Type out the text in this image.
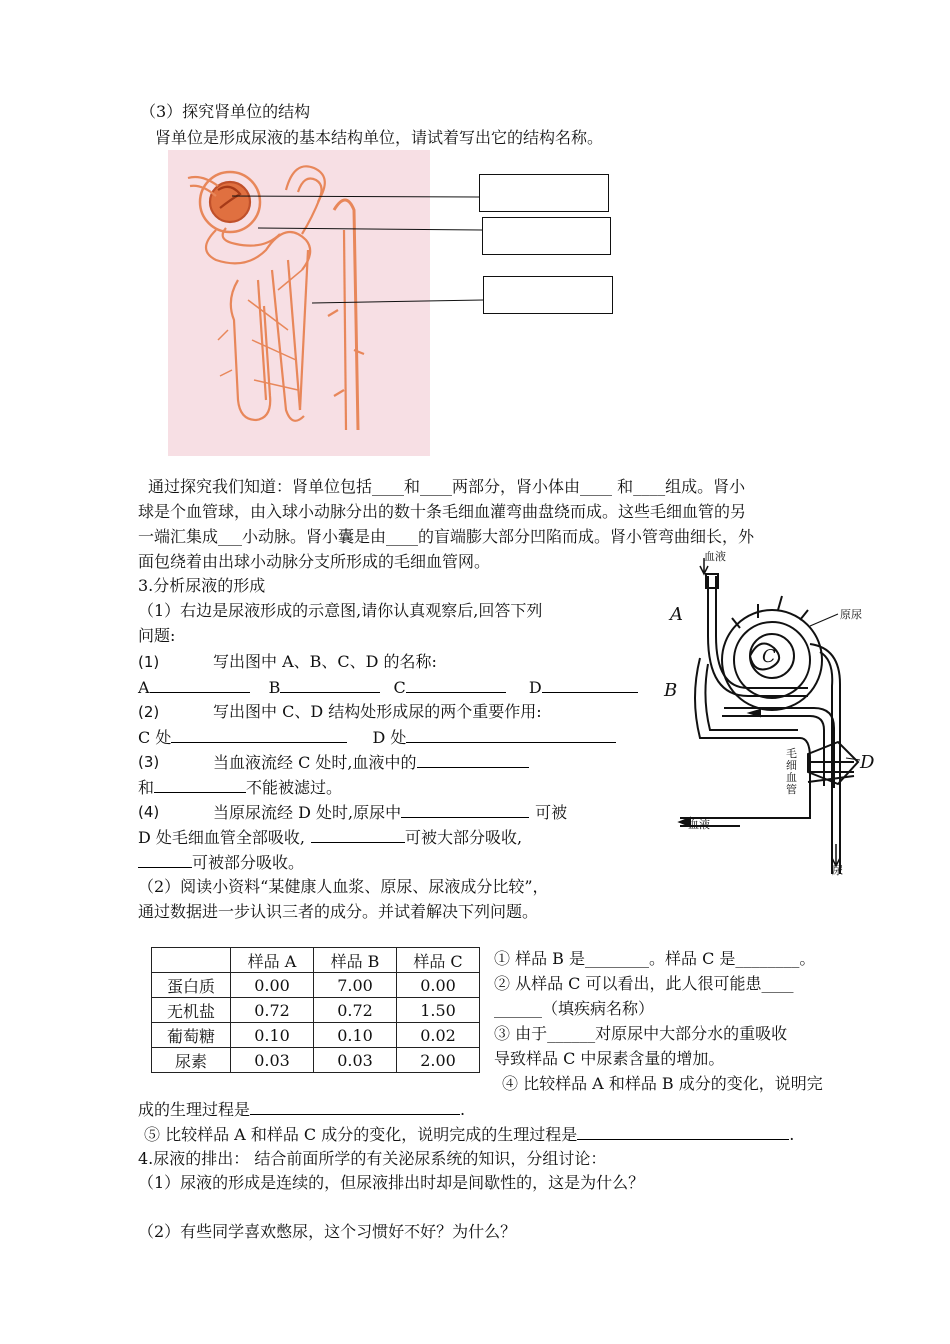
（3）探究肾单位的结构
肾单位是形成尿液的基本结构单位，请试着写出它的结构名称。
通过探究我们知道：肾单位包括____和____两部分，肾小体由____ 和____组成。肾小
球是个血管球，由入球小动脉分出的数十条毛细血灌弯曲盘绕而成。这些毛细血管的另
一端汇集成___小动脉。肾小囊是由____的盲端膨大部分凹陷而成。肾小管弯曲细长，外
面包绕着由出球小动脉分支所形成的毛细血管网。
3.分析尿液的形成
（1）右边是尿液形成的示意图,请你认真观察后,回答下列
问题:
(1)	写出图中 A、B、C、D 的名称:
A	B	C	D
(2)	写出图中 C、D 结构处形成尿的两个重要作用:
C 处	D 处
(3)	当血液流经 C 处时,血液中的
和	不能被滤过。
(4)	当原尿流经 D 处时,原尿中	可被
D 处毛细血管全部吸收,	可被大部分吸收,
可被部分吸收。
（2）阅读小资料“某健康人血浆、原尿、尿液成分比较”，
通过数据进一步认识三者的成分。并试着解决下列问题。
血液
原尿
A
B
C
D
毛细血管
血液
尿
	样品 A	样品 B	样品 C
蛋白质	0.00	7.00	0.00
无机盐	0.72	0.72	1.50
葡萄糖	0.10	0.10	0.02
尿素	0.03	0.03	2.00
① 样品 B 是________。样品 C 是________。
② 从样品 C 可以看出，此人很可能患____
______（填疾病名称）
③ 由于______对原尿中大部分水的重吸收
导致样品 C 中尿素含量的增加。
④ 比较样品 A 和样品 B 成分的变化，说明完
成的生理过程是	.
⑤ 比较样品 A 和样品 C 成分的变化，说明完成的生理过程是	.
4.尿液的排出： 结合前面所学的有关泌尿系统的知识，分组讨论：
（1）尿液的形成是连续的，但尿液排出时却是间歇性的，这是为什么？
（2）有些同学喜欢憋尿，这个习惯好不好？为什么？
